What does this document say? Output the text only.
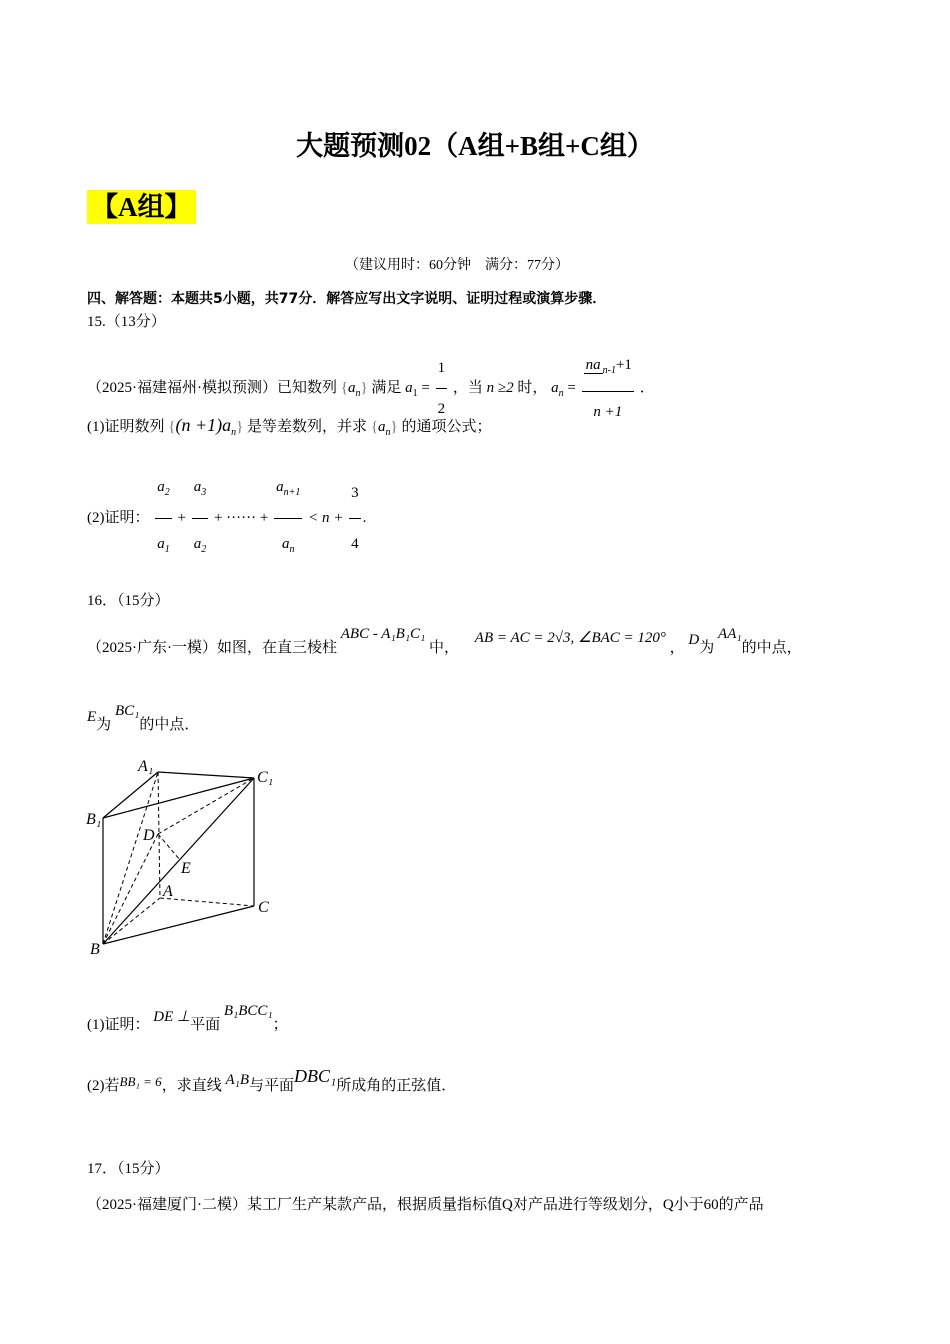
大题预测02（A组+B组+C组）
【A组】
（建议用时：60分钟　满分：77分）
四、解答题：本题共5小题，共77分．解答应写出文字说明、证明过程或演算步骤．
15.（13分）
（2025·福建福州·模拟预测）已知数列 $\{a_n\}$ 满足 $a_1 = \frac{1}{2}$ ，当 n ≥2 时， $a_n = \frac{na _{n-1}+1}{n +1}$ ．
(1)证明数列 $\{(n +1)a_n\}$ 是等差数列，并求 $\{a_n\}$ 的通项公式；
(2)证明： $\frac{a_2}{a_1} + \frac{a_3}{a_2}$ + ······ + $\frac{a_{n+1}}{a_n} < n + \frac{3}{4}$ .
16．（15分）
（2025·广东·一模）如图，在直三棱柱 ABC - A₁B₁C₁ 中， AB = AC = 2√3, ∠BAC = 120° ， D为 AA₁的中点，
E为 BC₁的中点．
A₁
C₁
B₁
D
E
A
C
B
(1)证明： DE ⊥平面 B₁BCC₁；
(2)若BB₁ = 6，求直线 A₁B与平面DBC₁所成角的正弦值．
17．（15分）
（2025·福建厦门·二模）某工厂生产某款产品，根据质量指标值Q对产品进行等级划分，Q小于60的产品
